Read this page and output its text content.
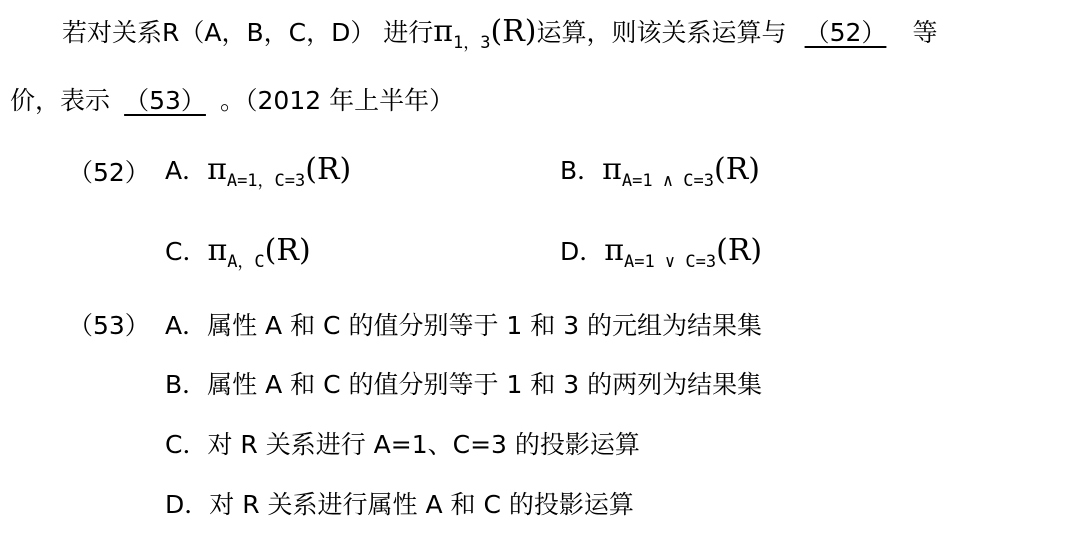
若对关系R（A，B，C，D） 进行$\pi_{1,3}(R)$运算，则该关系运算与 （52） 等
价，表示 （53） 。（2012 年上半年）
（52） A．$\pi_{A=1,C=3}(R)$	B．$\pi_{A=1 \wedge C=3}(R)$
C．$\pi_{A,C}(R)$	D．$\pi_{A=1 \vee C=3}(R)$
（53） A．属性 A 和 C 的值分别等于 1 和 3 的元组为结果集
B．属性 A 和 C 的值分别等于 1 和 3 的两列为结果集
C．对 R 关系进行 A=1、C=3 的投影运算
D．对 R 关系进行属性 A 和 C 的投影运算
